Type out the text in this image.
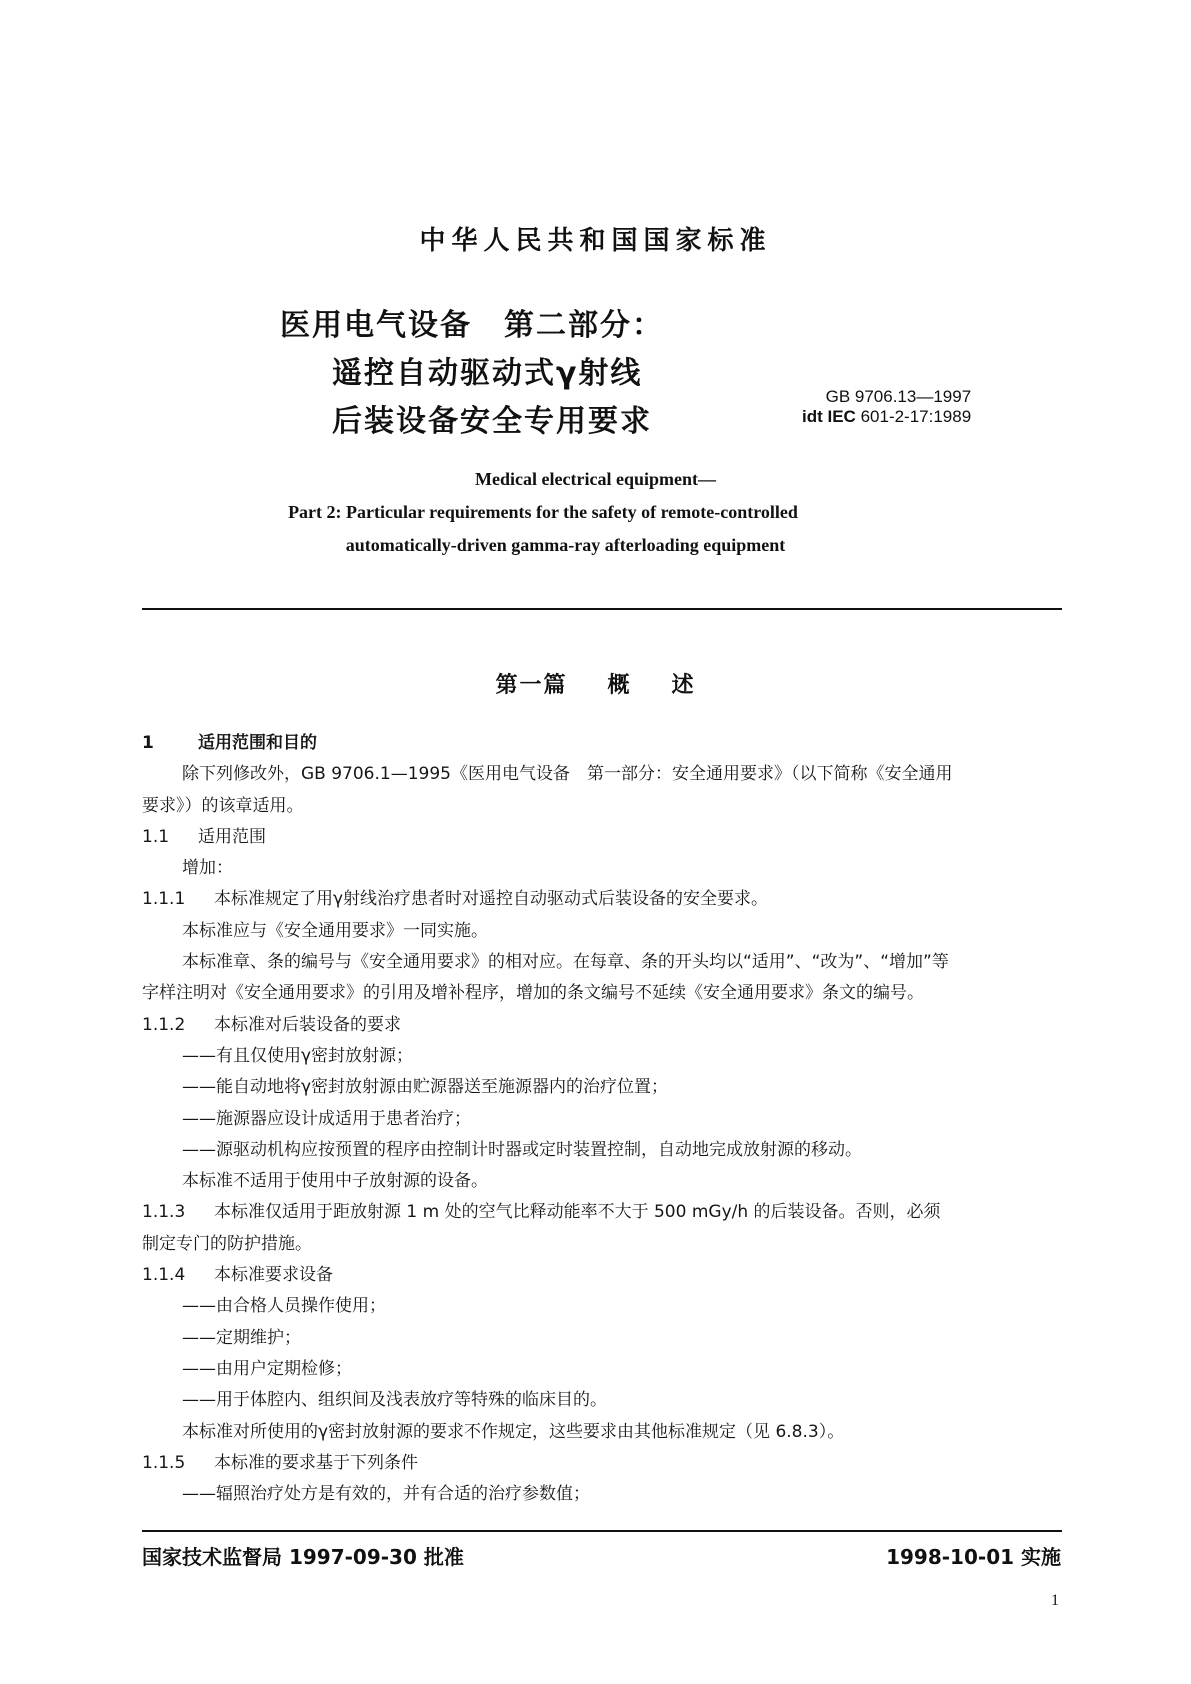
中华人民共和国国家标准
医用电气设备　第二部分：
遥控自动驱动式γ射线
后装设备安全专用要求
GB 9706.13—1997
idt IEC 601-2-17:1989
Medical electrical equipment—
Part 2: Particular requirements for the safety of remote-controlled
automatically-driven gamma-ray afterloading equipment
第一篇 概 述
1	适用范围和目的
除下列修改外，GB 9706.1—1995《医用电气设备　第一部分：安全通用要求》（以下简称《安全通用
要求》）的该章适用。
1.1 适用范围
增加：
1.1.1 本标准规定了用γ射线治疗患者时对遥控自动驱动式后装设备的安全要求。
本标准应与《安全通用要求》一同实施。
本标准章、条的编号与《安全通用要求》的相对应。在每章、条的开头均以“适用”、“改为”、“增加”等
字样注明对《安全通用要求》的引用及增补程序，增加的条文编号不延续《安全通用要求》条文的编号。
1.1.2 本标准对后装设备的要求
——有且仅使用γ密封放射源；
——能自动地将γ密封放射源由贮源器送至施源器内的治疗位置；
——施源器应设计成适用于患者治疗；
——源驱动机构应按预置的程序由控制计时器或定时装置控制，自动地完成放射源的移动。
本标准不适用于使用中子放射源的设备。
1.1.3 本标准仅适用于距放射源 1 m 处的空气比释动能率不大于 500 mGy/h 的后装设备。否则，必须
制定专门的防护措施。
1.1.4 本标准要求设备
——由合格人员操作使用；
——定期维护；
——由用户定期检修；
——用于体腔内、组织间及浅表放疗等特殊的临床目的。
本标准对所使用的γ密封放射源的要求不作规定，这些要求由其他标准规定（见 6.8.3）。
1.1.5 本标准的要求基于下列条件
——辐照治疗处方是有效的，并有合适的治疗参数值；
国家技术监督局 1997-09-30 批准	1998-10-01 实施
1
